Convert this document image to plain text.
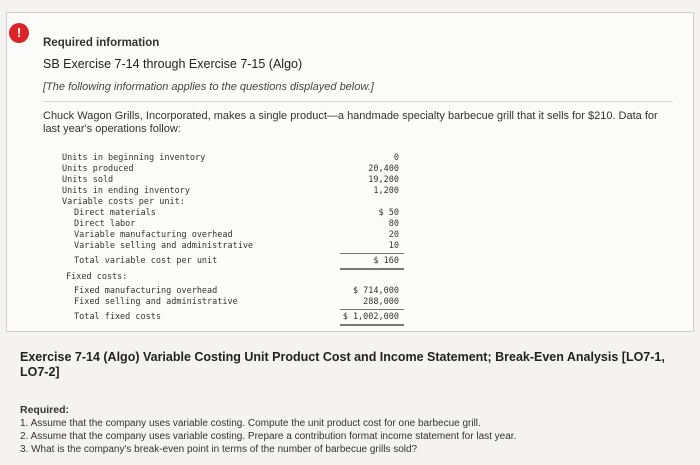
!
Required information
SB Exercise 7-14 through Exercise 7-15 (Algo)
[The following information applies to the questions displayed below.]
Chuck Wagon Grills, Incorporated, makes a single product—a handmade specialty barbecue grill that it sells for $210. Data for last year's operations follow:
Units in beginning inventory	0
Units produced	20,400
Units sold	19,200
Units in ending inventory	1,200
Variable costs per unit:
Direct materials	$ 50
Direct labor	80
Variable manufacturing overhead	20
Variable selling and administrative	10
Total variable cost per unit	$ 160
Fixed costs:
Fixed manufacturing overhead	$ 714,000
Fixed selling and administrative	288,000
Total fixed costs	$ 1,002,000
Exercise 7-14 (Algo) Variable Costing Unit Product Cost and Income Statement; Break-Even Analysis [LO7-1, LO7-2]
Required:
1. Assume that the company uses variable costing. Compute the unit product cost for one barbecue grill.
2. Assume that the company uses variable costing. Prepare a contribution format income statement for last year.
3. What is the company's break-even point in terms of the number of barbecue grills sold?
